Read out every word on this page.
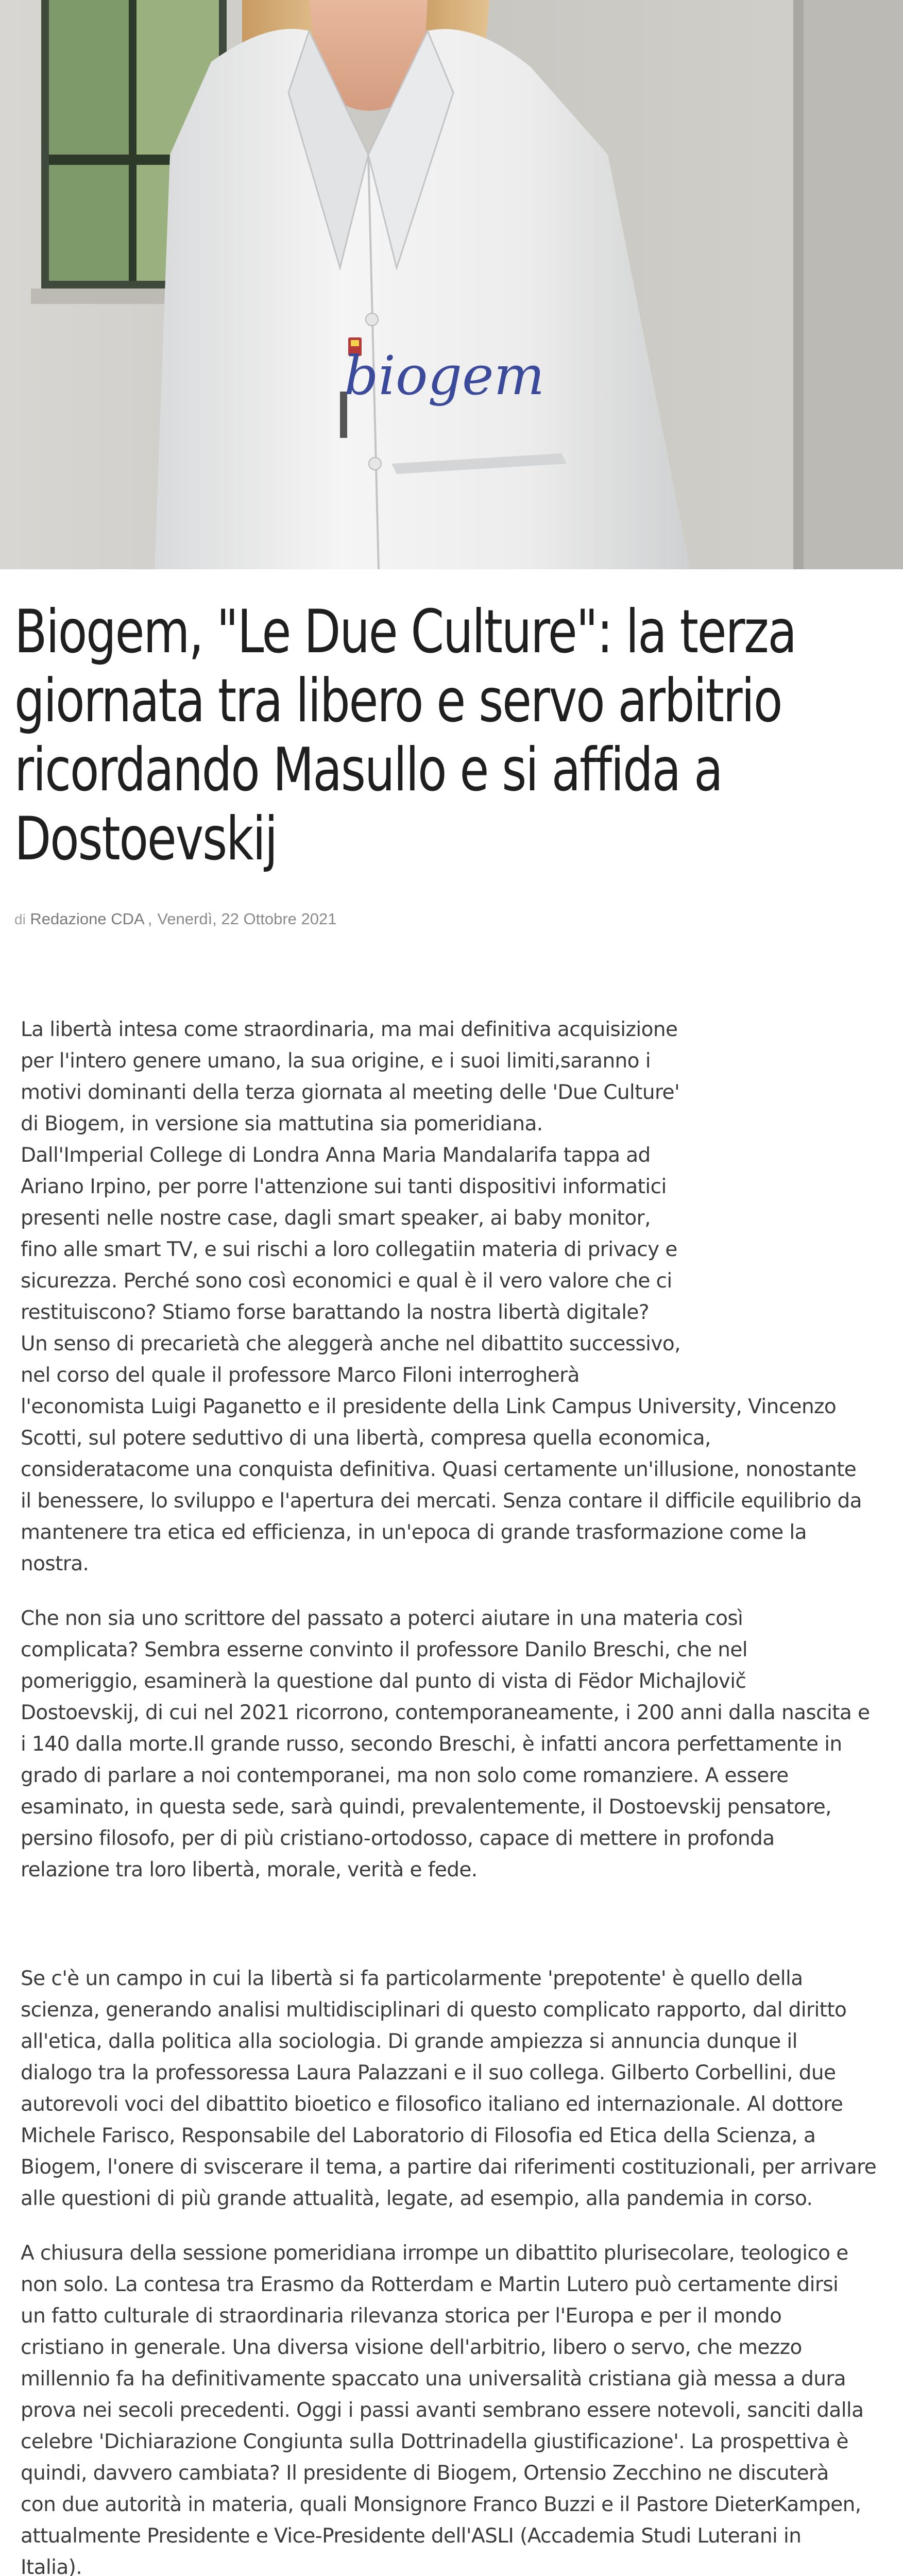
biogem
Biogem, "Le Due Culture": la terza
giornata tra libero e servo arbitrio
ricordando Masullo e si affida a
Dostoevskij
di Redazione CDA , Venerdì, 22 Ottobre 2021

La libertà intesa come straordinaria, ma mai definitiva acquisizione
per l'intero genere umano, la sua origine, e i suoi limiti,saranno i
motivi dominanti della terza giornata al meeting delle 'Due Culture'
di Biogem, in versione sia mattutina sia pomeridiana.
Dall'Imperial College di Londra Anna Maria Mandalarifa tappa ad
Ariano Irpino, per porre l'attenzione sui tanti dispositivi informatici
presenti nelle nostre case, dagli smart speaker, ai baby monitor,
fino alle smart TV, e sui rischi a loro collegatiin materia di privacy e
sicurezza. Perché sono così economici e qual è il vero valore che ci
restituiscono? Stiamo forse barattando la nostra libertà digitale?
Un senso di precarietà che aleggerà anche nel dibattito successivo,
nel corso del quale il professore Marco Filoni interrogherà
l'economista Luigi Paganetto e il presidente della Link Campus University, Vincenzo
Scotti, sul potere seduttivo di una libertà, compresa quella economica,
consideratacome una conquista definitiva. Quasi certamente un'illusione, nonostante
il benessere, lo sviluppo e l'apertura dei mercati. Senza contare il difficile equilibrio da
mantenere tra etica ed efficienza, in un'epoca di grande trasformazione come la
nostra.

Che non sia uno scrittore del passato a poterci aiutare in una materia così
complicata? Sembra esserne convinto il professore Danilo Breschi, che nel
pomeriggio, esaminerà la questione dal punto di vista di Fëdor Michajlovič
Dostoevskij, di cui nel 2021 ricorrono, contemporaneamente, i 200 anni dalla nascita e
i 140 dalla morte.Il grande russo, secondo Breschi, è infatti ancora perfettamente in
grado di parlare a noi contemporanei, ma non solo come romanziere. A essere
esaminato, in questa sede, sarà quindi, prevalentemente, il Dostoevskij pensatore,
persino filosofo, per di più cristiano-ortodosso, capace di mettere in profonda
relazione tra loro libertà, morale, verità e fede.

Se c'è un campo in cui la libertà si fa particolarmente 'prepotente' è quello della
scienza, generando analisi multidisciplinari di questo complicato rapporto, dal diritto
all'etica, dalla politica alla sociologia. Di grande ampiezza si annuncia dunque il
dialogo tra la professoressa Laura Palazzani e il suo collega. Gilberto Corbellini, due
autorevoli voci del dibattito bioetico e filosofico italiano ed internazionale. Al dottore
Michele Farisco, Responsabile del Laboratorio di Filosofia ed Etica della Scienza, a
Biogem, l'onere di sviscerare il tema, a partire dai riferimenti costituzionali, per arrivare
alle questioni di più grande attualità, legate, ad esempio, alla pandemia in corso.

A chiusura della sessione pomeridiana irrompe un dibattito plurisecolare, teologico e
non solo. La contesa tra Erasmo da Rotterdam e Martin Lutero può certamente dirsi
un fatto culturale di straordinaria rilevanza storica per l'Europa e per il mondo
cristiano in generale. Una diversa visione dell'arbitrio, libero o servo, che mezzo
millennio fa ha definitivamente spaccato una universalità cristiana già messa a dura
prova nei secoli precedenti. Oggi i passi avanti sembrano essere notevoli, sanciti dalla
celebre 'Dichiarazione Congiunta sulla Dottrinadella giustificazione'. La prospettiva è
quindi, davvero cambiata? Il presidente di Biogem, Ortensio Zecchino ne discuterà
con due autorità in materia, quali Monsignore Franco Buzzi e il Pastore DieterKampen,
attualmente Presidente e Vice-Presidente dell'ASLI (Accademia Studi Luterani in
Italia).
